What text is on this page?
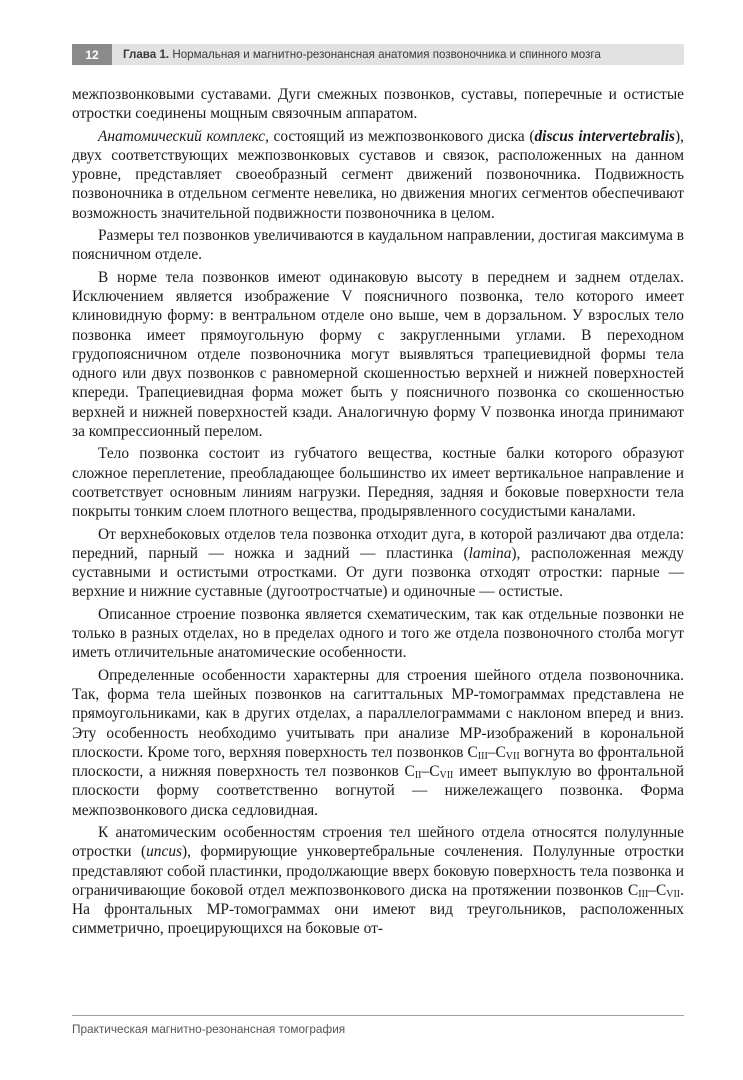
12	Глава 1. Нормальная и магнитно-резонансная анатомия позвоночника и спинного мозга

межпозвонковыми суставами. Дуги смежных позвонков, суставы, поперечные и остистые отростки соединены мощным связочным аппаратом.

Анатомический комплекс, состоящий из межпозвонкового диска (discus intervertebralis), двух соответствующих межпозвонковых суставов и связок, расположенных на данном уровне, представляет своеобразный сегмент движений позвоночника. Подвижность позвоночника в отдельном сегменте невелика, но движения многих сегментов обеспечивают возможность значительной подвижности позвоночника в целом.

Размеры тел позвонков увеличиваются в каудальном направлении, достигая максимума в поясничном отделе.

В норме тела позвонков имеют одинаковую высоту в переднем и заднем отделах. Исключением является изображение V поясничного позвонка, тело которого имеет клиновидную форму: в вентральном отделе оно выше, чем в дорзальном. У взрослых тело позвонка имеет прямоугольную форму с закругленными углами. В переходном грудопоясничном отделе позвоночника могут выявляться трапециевидной формы тела одного или двух позвонков с равномерной скошенностью верхней и нижней поверхностей кпереди. Трапециевидная форма может быть у поясничного позвонка со скошенностью верхней и нижней поверхностей кзади. Аналогичную форму V позвонка иногда принимают за компрессионный перелом.

Тело позвонка состоит из губчатого вещества, костные балки которого образуют сложное переплетение, преобладающее большинство их имеет вертикальное направление и соответствует основным линиям нагрузки. Передняя, задняя и боковые поверхности тела покрыты тонким слоем плотного вещества, продырявленного сосудистыми каналами.

От верхнебоковых отделов тела позвонка отходит дуга, в которой различают два отдела: передний, парный — ножка и задний — пластинка (lamina), расположенная между суставными и остистыми отростками. От дуги позвонка отходят отростки: парные — верхние и нижние суставные (дугоотростчатые) и одиночные — остистые.

Описанное строение позвонка является схематическим, так как отдельные позвонки не только в разных отделах, но в пределах одного и того же отдела позвоночного столба могут иметь отличительные анатомические особенности.

Определенные особенности характерны для строения шейного отдела позвоночника. Так, форма тела шейных позвонков на сагиттальных МР-томограммах представлена не прямоугольниками, как в других отделах, а параллелограммами с наклоном вперед и вниз. Эту особенность необходимо учитывать при анализе МР-изображений в корональной плоскости. Кроме того, верхняя поверхность тел позвонков $C_{III}-C_{VII}$ вогнута во фронтальной плоскости, а нижняя поверхность тел позвонков $C_{II}-C_{VII}$ имеет выпуклую во фронтальной плоскости форму соответственно вогнутой — нижележащего позвонка. Форма межпозвонкового диска седловидная.

К анатомическим особенностям строения тел шейного отдела относятся полулунные отростки (uncus), формирующие унковертебральные сочленения. Полулунные отростки представляют собой пластинки, продолжающие вверх боковую поверхность тела позвонка и ограничивающие боковой отдел межпозвонкового диска на протяжении позвонков $C_{III}-C_{VII}$. На фронтальных МР-томограммах они имеют вид треугольников, расположенных симметрично, проецирующихся на боковые от-

Практическая магнитно-резонансная томография
